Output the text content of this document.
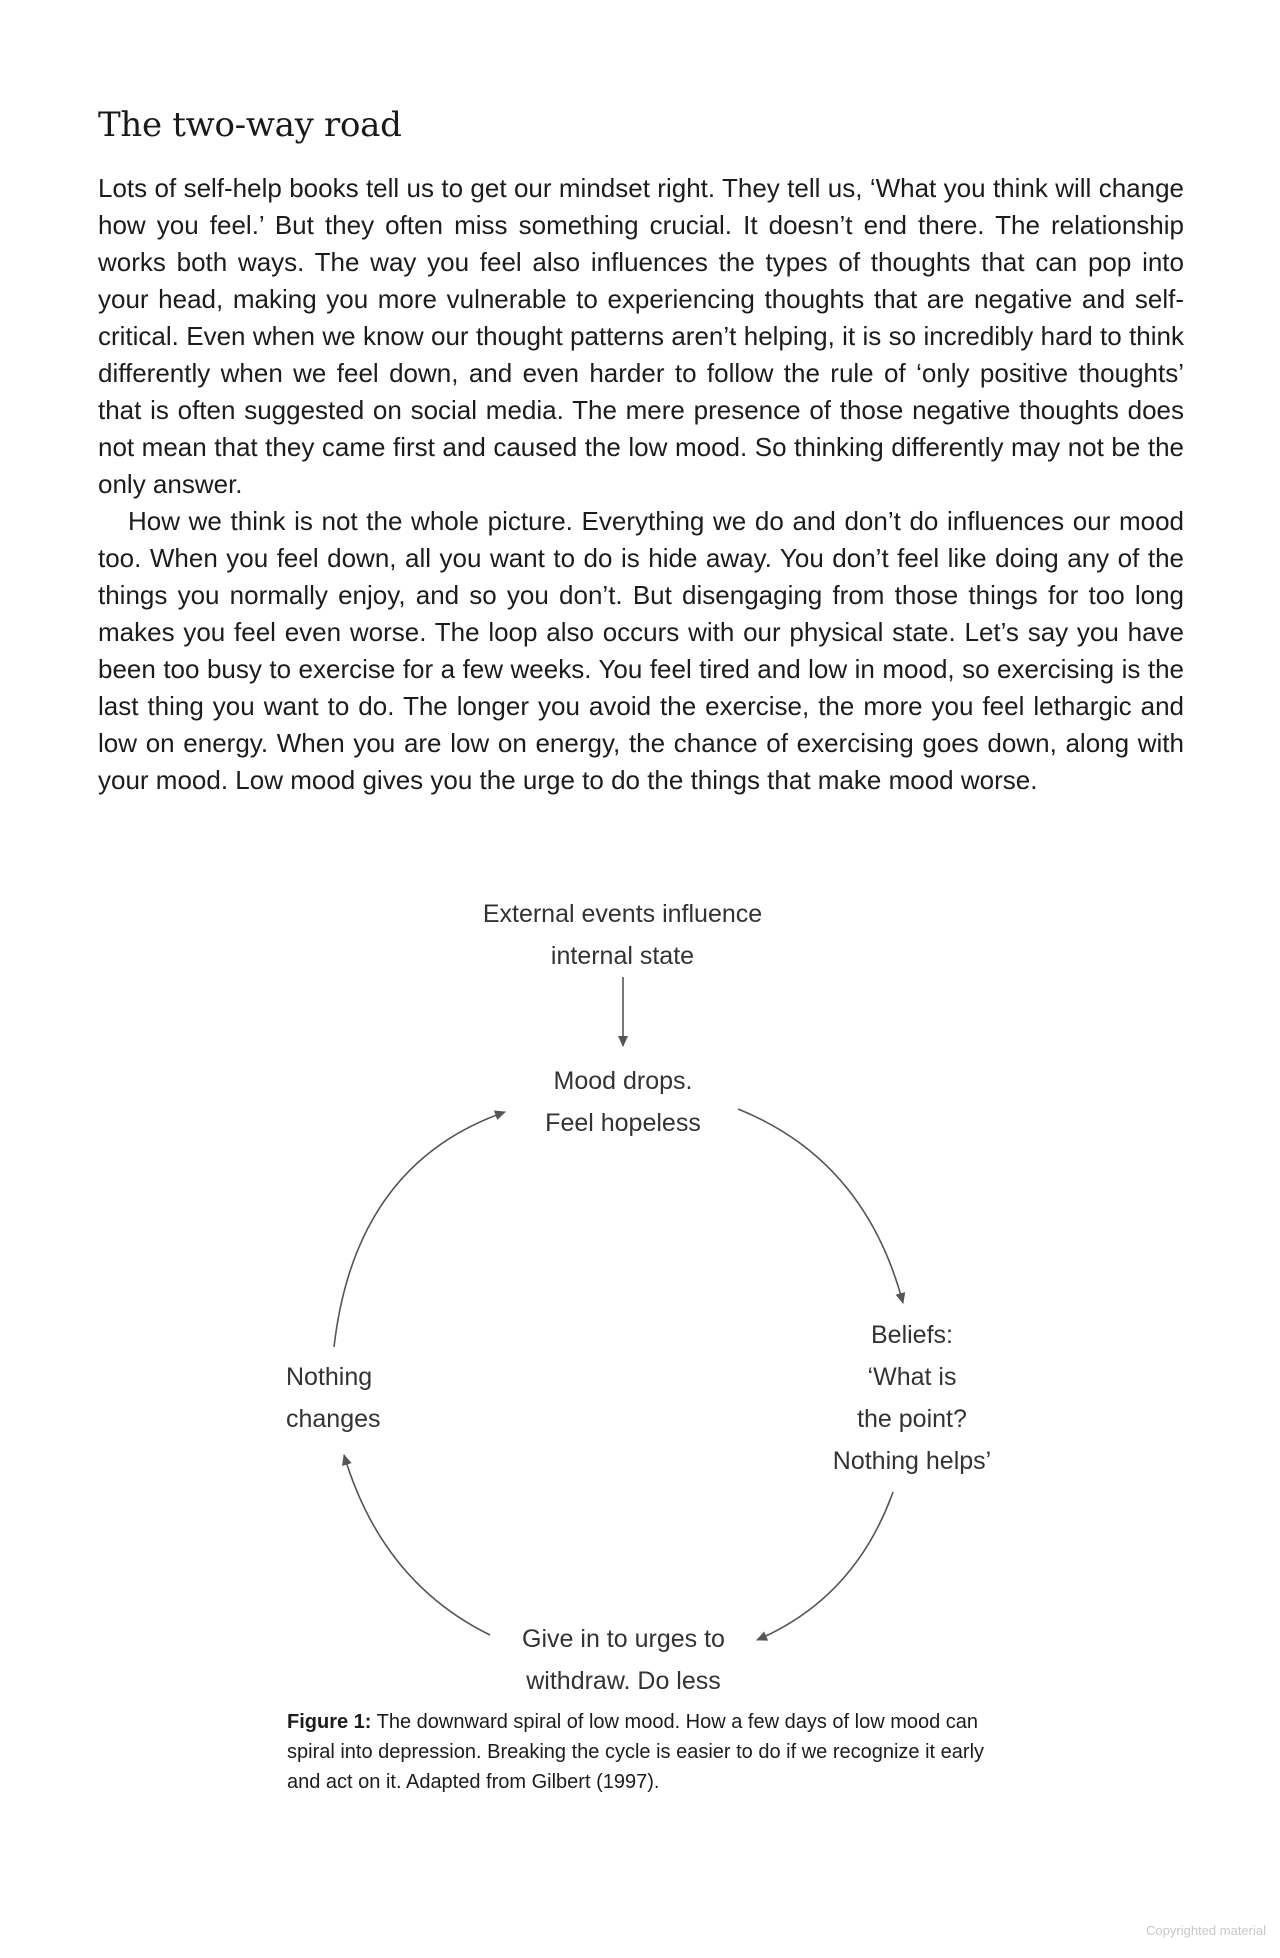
The two-way road

Lots of self-help books tell us to get our mindset right. They tell us, ‘What you think will change how you feel.’ But they often miss something crucial. It doesn’t end there. The relationship works both ways. The way you feel also influences the types of thoughts that can pop into your head, making you more vulnerable to experiencing thoughts that are negative and self-critical. Even when we know our thought patterns aren’t helping, it is so incredibly hard to think differently when we feel down, and even harder to follow the rule of ‘only positive thoughts’ that is often suggested on social media. The mere presence of those negative thoughts does not mean that they came first and caused the low mood. So thinking differently may not be the only answer.

How we think is not the whole picture. Everything we do and don’t do influences our mood too. When you feel down, all you want to do is hide away. You don’t feel like doing any of the things you normally enjoy, and so you don’t. But disengaging from those things for too long makes you feel even worse. The loop also occurs with our physical state. Let’s say you have been too busy to exercise for a few weeks. You feel tired and low in mood, so exercising is the last thing you want to do. The longer you avoid the exercise, the more you feel lethargic and low on energy. When you are low on energy, the chance of exercising goes down, along with your mood. Low mood gives you the urge to do the things that make mood worse.

External events influence
internal state
Mood drops.
Feel hopeless
Beliefs:
‘What is
the point?
Nothing helps’
Give in to urges to
withdraw. Do less
Nothing
changes
Figure 1: The downward spiral of low mood. How a few days of low mood can spiral into depression. Breaking the cycle is easier to do if we recognize it early and act on it. Adapted from Gilbert (1997).
Copyrighted material
